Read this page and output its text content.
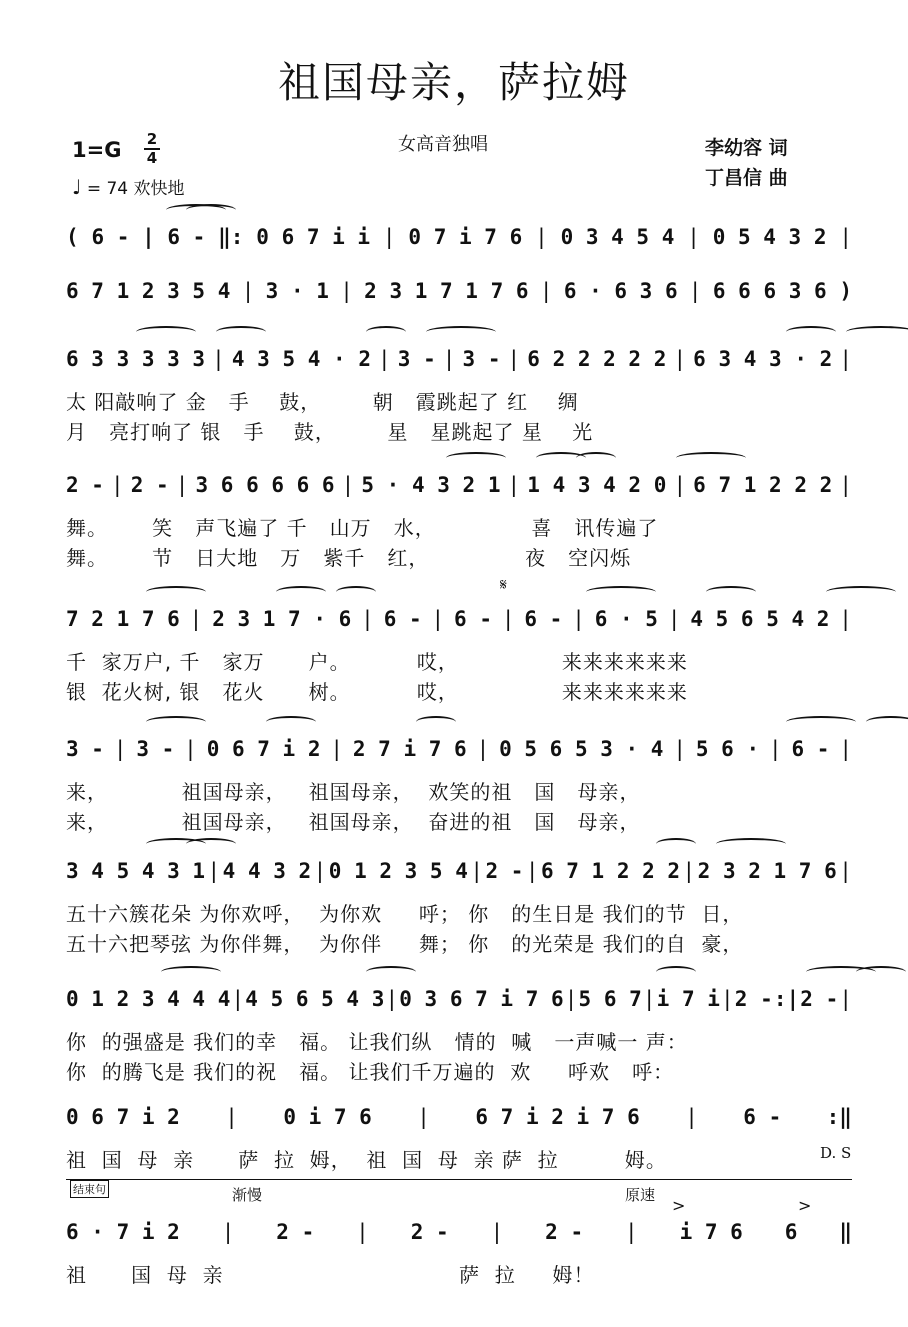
祖国母亲，萨拉姆
1=G 2
4
♩ = 74 欢快地
女高音独唱	李幼容 词
丁昌信 曲
( 6 - | 6 - ‖: 0 6 7 i i | 0 7 i 7 6 | 0 3 4 5 4 | 0 5 4 3 2 |
6 7 1 2 3 5 4 | 3 · 1 | 2 3 1 7 1 7 6 | 6 · 6 3 6 | 6 6 6 3 6 )
6 3 3 3 3 3 | 4 3 5 4 · 2 | 3 - | 3 - | 6 2 2 2 2 2 | 6 3 4 3 · 2 |
太 阳敲响了 金   手    鼓，       朝   霞跳起了 红    绸
月   亮打响了 银   手    鼓，       星   星跳起了 星    光
2 - | 2 - | 3 6 6 6 6 6 | 5 · 4 3 2 1 | 1 4 3 4 2 0 | 6 7 1 2 2 2 |
舞。      笑   声飞遍了 千   山万   水，             喜   讯传遍了
舞。      节   日大地   万   紫千   红，             夜   空闪烁
7 2 1 7 6 | 2 3 1 7 · 6 | 6 - | 6 - | 6 - | 6 · 5 | 4 5 6 5 4 2 |
千  家万户, 千   家万      户。         哎，              来来来来来来
银  花火树, 银   花火      树。         哎，              来来来来来来
3 - | 3 - | 0 6 7 i 2 | 2 7 i 7 6 | 0 5 6 5 3 · 4 | 5 6 · | 6 - |
来，          祖国母亲，   祖国母亲，  欢笑的祖   国   母亲，
来，          祖国母亲，   祖国母亲，  奋进的祖   国   母亲，
3 4 5 4 3 1 | 4 4 3 2 | 0 1 2 3 5 4 | 2 - | 6 7 1 2 2 2 | 2 3 2 1 7 6 |
五十六簇花朵 为你欢呼，  为你欢     呼； 你   的生日是 我们的节  日，
五十六把琴弦 为你伴舞，  为你伴     舞； 你   的光荣是 我们的自  豪，
0 1 2 3 4 4 4 | 4 5 6 5 4 3 | 0 3 6 7 i 7 6 | 5 6 7 | i 7 i | 2 - :| 2 - |
你  的强盛是 我们的幸   福。 让我们纵   情的  喊   一声喊一 声：
你  的腾飞是 我们的祝   福。 让我们千万遍的  欢     呼欢   呼：
0 6 7 i 2 | 0 i 7 6 | 6 7 i 2 i 7 6 | 6 - :‖
祖  国  母  亲      萨  拉  姆，  祖  国  母  亲 萨  拉         姆。
6 · 7 i 2 | 2 - | 2 - | 2 - | i 7 6 6 ‖
祖      国  母  亲                                萨  拉     姆！
𝄋
D. S
结束句	渐慢	原速
>	>
